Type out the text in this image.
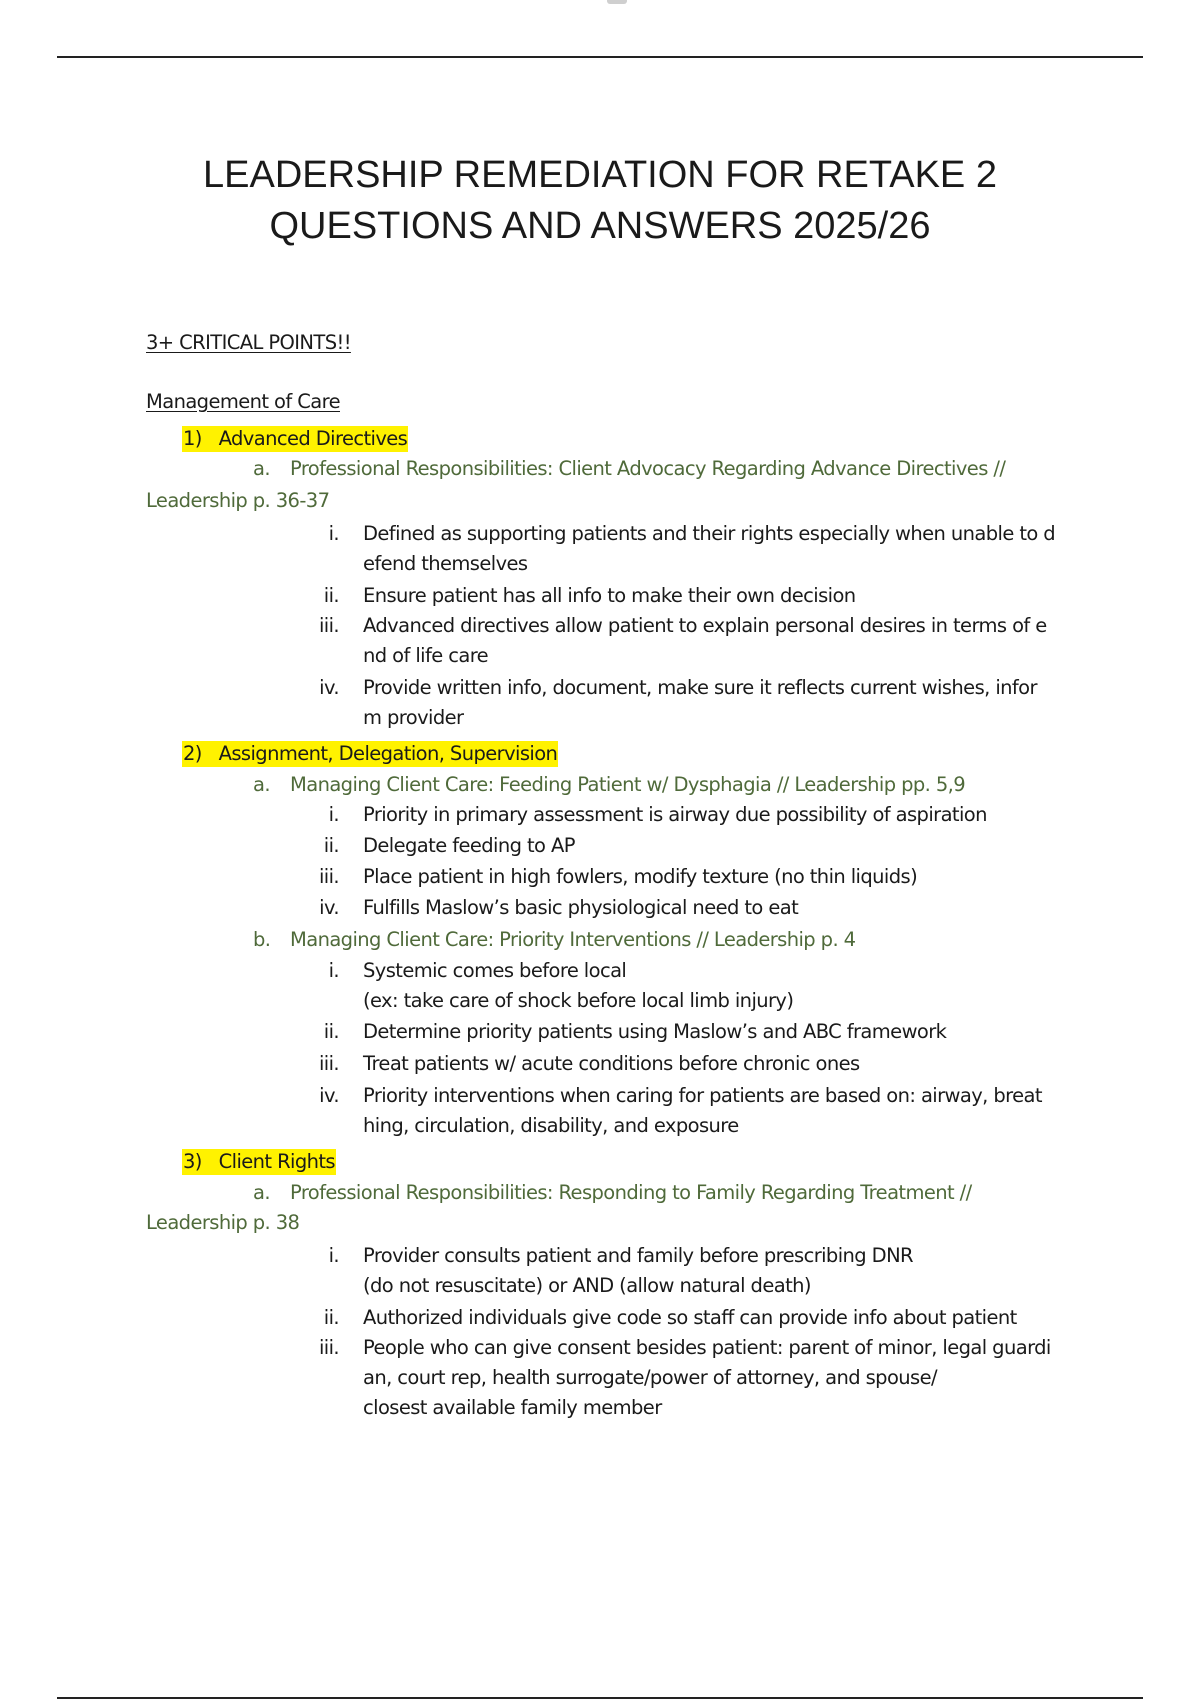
LEADERSHIP REMEDIATION FOR RETAKE 2
QUESTIONS AND ANSWERS 2025/26
3+ CRITICAL POINTS!!
Management of Care
1) Advanced Directives
a. Professional Responsibilities: Client Advocacy Regarding Advance Directives //
Leadership p. 36-37
i. Defined as supporting patients and their rights especially when unable to d
efend themselves
ii. Ensure patient has all info to make their own decision
iii. Advanced directives allow patient to explain personal desires in terms of e
nd of life care
iv. Provide written info, document, make sure it reflects current wishes, infor
m provider
2) Assignment, Delegation, Supervision
a. Managing Client Care: Feeding Patient w/ Dysphagia // Leadership pp. 5,9
i. Priority in primary assessment is airway due possibility of aspiration
ii. Delegate feeding to AP
iii. Place patient in high fowlers, modify texture (no thin liquids)
iv. Fulfills Maslow’s basic physiological need to eat
b. Managing Client Care: Priority Interventions // Leadership p. 4
i. Systemic comes before local
(ex: take care of shock before local limb injury)
ii. Determine priority patients using Maslow’s and ABC framework
iii. Treat patients w/ acute conditions before chronic ones
iv. Priority interventions when caring for patients are based on: airway, breat
hing, circulation, disability, and exposure
3) Client Rights
a. Professional Responsibilities: Responding to Family Regarding Treatment //
Leadership p. 38
i. Provider consults patient and family before prescribing DNR
(do not resuscitate) or AND (allow natural death)
ii. Authorized individuals give code so staff can provide info about patient
iii. People who can give consent besides patient: parent of minor, legal guardi
an, court rep, health surrogate/power of attorney, and spouse/
closest available family member
